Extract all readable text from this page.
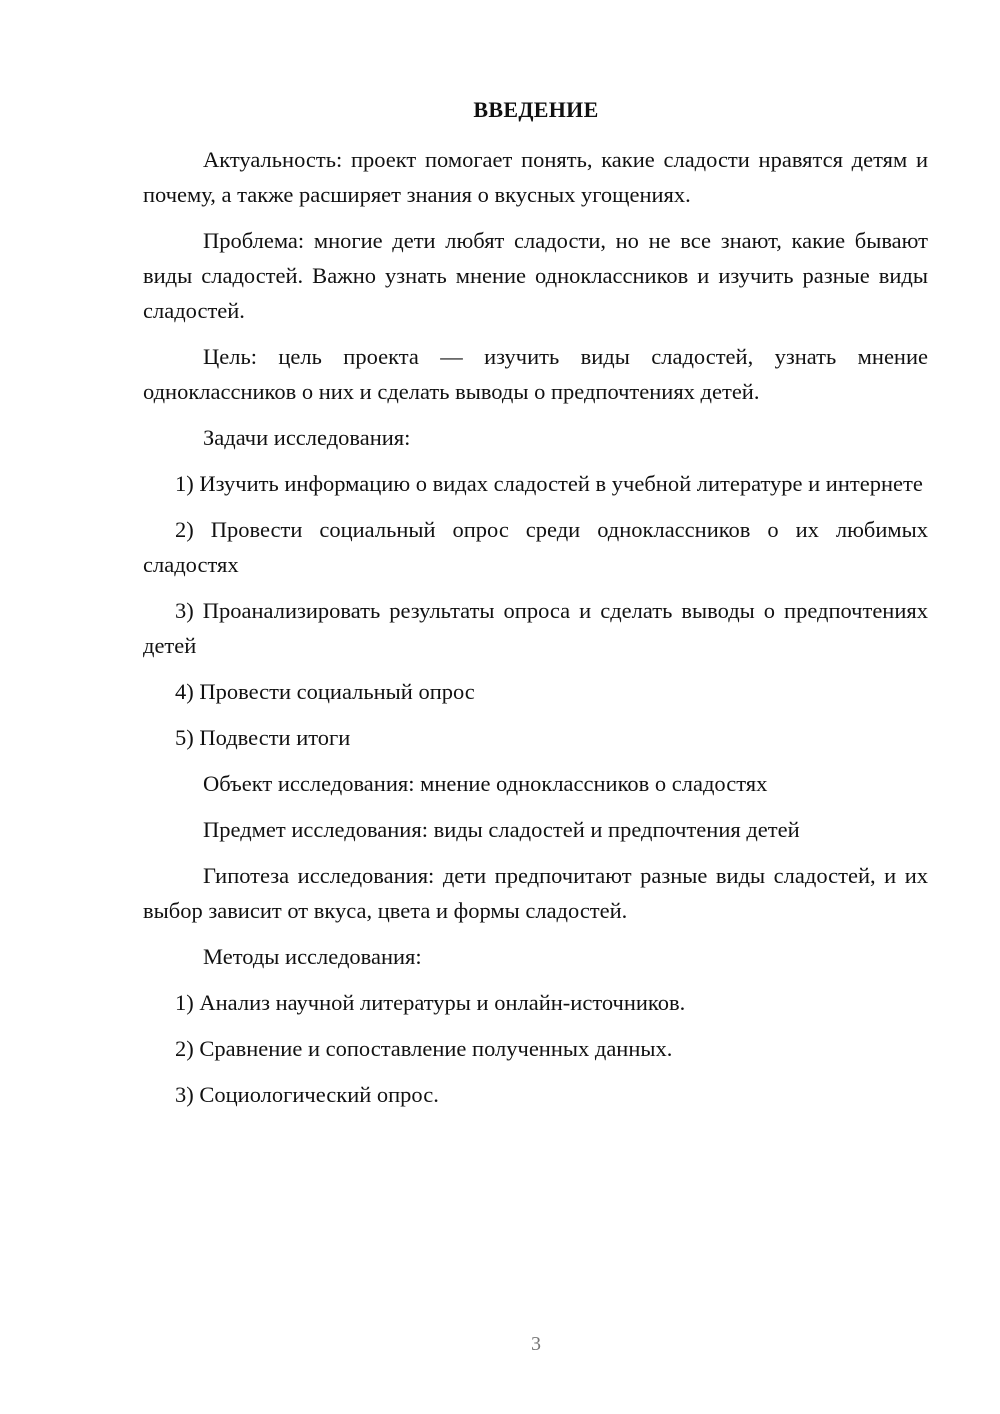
ВВЕДЕНИЕ

Актуальность: проект помогает понять, какие сладости нравятся детям и почему, а также расширяет знания о вкусных угощениях.

Проблема: многие дети любят сладости, но не все знают, какие бывают виды сладостей. Важно узнать мнение одноклассников и изучить разные виды сладостей.

Цель: цель проекта — изучить виды сладостей, узнать мнение одноклассников о них и сделать выводы о предпочтениях детей.

Задачи исследования:

1) Изучить информацию о видах сладостей в учебной литературе и интернете

2) Провести социальный опрос среди одноклассников о их любимых сладостях

3) Проанализировать результаты опроса и сделать выводы о предпочтениях детей

4) Провести социальный опрос

5) Подвести итоги

Объект исследования: мнение одноклассников о сладостях

Предмет исследования: виды сладостей и предпочтения детей

Гипотеза исследования: дети предпочитают разные виды сладостей, и их выбор зависит от вкуса, цвета и формы сладостей.

Методы исследования:

1) Анализ научной литературы и онлайн-источников.

2) Сравнение и сопоставление полученных данных.

3) Социологический опрос.

3
